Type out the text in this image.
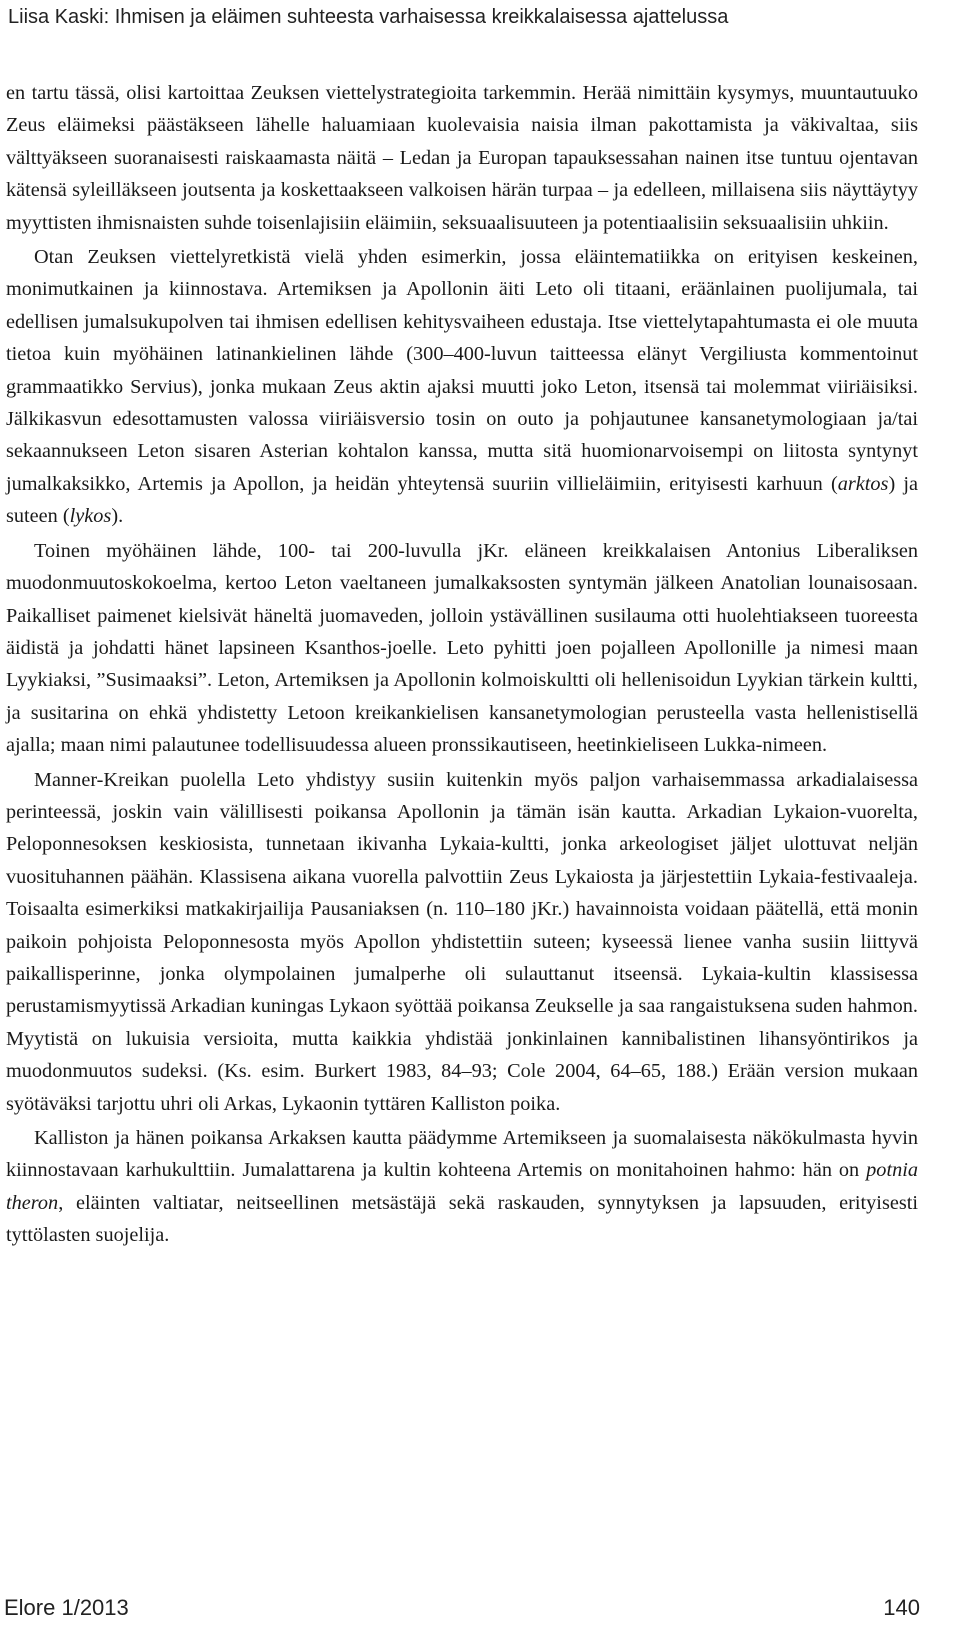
Liisa Kaski: Ihmisen ja eläimen suhteesta varhaisessa kreikkalaisessa ajattelussa

en tartu tässä, olisi kartoittaa Zeuksen viettelystrategioita tarkemmin. Herää nimittäin kysymys, muuntautuuko Zeus eläimeksi päästäkseen lähelle haluamiaan kuolevaisia naisia ilman pakottamista ja väkivaltaa, siis välttyäkseen suoranaisesti raiskaamasta näitä – Ledan ja Europan tapauksessahan nainen itse tuntuu ojentavan kätensä syleilläkseen joutsenta ja koskettaakseen valkoisen härän turpaa – ja edelleen, millaisena siis näyttäytyy myyttisten ihmisnaisten suhde toisenlajisiin eläimiin, seksuaalisuuteen ja potentiaalisiin seksuaalisiin uhkiin.

Otan Zeuksen viettelyretkistä vielä yhden esimerkin, jossa eläintematiikka on erityisen keskeinen, monimutkainen ja kiinnostava. Artemiksen ja Apollonin äiti Leto oli titaani, eräänlainen puolijumala, tai edellisen jumalsukupolven tai ihmisen edellisen kehitysvaiheen edustaja. Itse viettelytapahtumasta ei ole muuta tietoa kuin myöhäinen latinankielinen lähde (300–400-luvun taitteessa elänyt Vergiliusta kommentoinut grammaatikko Servius), jonka mukaan Zeus aktin ajaksi muutti joko Leton, itsensä tai molemmat viiriäisiksi. Jälkikasvun edesottamusten valossa viiriäisversio tosin on outo ja pohjautunee kansanetymologiaan ja/tai sekaannukseen Leton sisaren Asterian kohtalon kanssa, mutta sitä huomionarvoisempi on liitosta syntynyt jumalkaksikko, Artemis ja Apollon, ja heidän yhteytensä suuriin villieläimiin, erityisesti karhuun (arktos) ja suteen (lykos).

Toinen myöhäinen lähde, 100- tai 200-luvulla jKr. eläneen kreikkalaisen Antonius Liberaliksen muodonmuutoskokoelma, kertoo Leton vaeltaneen jumalkaksosten syntymän jälkeen Anatolian lounaisosaan. Paikalliset paimenet kielsivät häneltä juomaveden, jolloin ystävällinen susilauma otti huolehtiakseen tuoreesta äidistä ja johdatti hänet lapsineen Ksanthos-joelle. Leto pyhitti joen pojalleen Apollonille ja nimesi maan Lyykiaksi, ”Susimaaksi”. Leton, Artemiksen ja Apollonin kolmoiskultti oli hellenisoidun Lyykian tärkein kultti, ja susitarina on ehkä yhdistetty Letoon kreikankielisen kansanetymologian perusteella vasta hellenistisellä ajalla; maan nimi palautunee todellisuudessa alueen pronssikautiseen, heetinkieliseen Lukka-nimeen.

Manner-Kreikan puolella Leto yhdistyy susiin kuitenkin myös paljon varhaisemmassa arkadialaisessa perinteessä, joskin vain välillisesti poikansa Apollonin ja tämän isän kautta. Arkadian Lykaion-vuorelta, Peloponnesoksen keskiosista, tunnetaan ikivanha Lykaia-kultti, jonka arkeologiset jäljet ulottuvat neljän vuosituhannen päähän. Klassisena aikana vuorella palvottiin Zeus Lykaiosta ja järjestettiin Lykaia-festivaaleja. Toisaalta esimerkiksi matkakirjailija Pausaniaksen (n. 110–180 jKr.) havainnoista voidaan päätellä, että monin paikoin pohjoista Peloponnesosta myös Apollon yhdistettiin suteen; kyseessä lienee vanha susiin liittyvä paikallisperinne, jonka olympolainen jumalperhe oli sulauttanut itseensä. Lykaia-kultin klassisessa perustamismyytissä Arkadian kuningas Lykaon syöttää poikansa Zeukselle ja saa rangaistuksena suden hahmon. Myytistä on lukuisia versioita, mutta kaikkia yhdistää jonkinlainen kannibalistinen lihansyöntirikos ja muodonmuutos sudeksi. (Ks. esim. Burkert 1983, 84–93; Cole 2004, 64–65, 188.) Erään version mukaan syötäväksi tarjottu uhri oli Arkas, Lykaonin tyttären Kalliston poika.

Kalliston ja hänen poikansa Arkaksen kautta päädymme Artemikseen ja suomalaisesta näkökulmasta hyvin kiinnostavaan karhukulttiin. Jumalattarena ja kultin kohteena Artemis on monitahoinen hahmo: hän on potnia theron, eläinten valtiatar, neitseellinen metsästäjä sekä raskauden, synnytyksen ja lapsuuden, erityisesti tyttölasten suojelija.

Elore 1/2013	140
